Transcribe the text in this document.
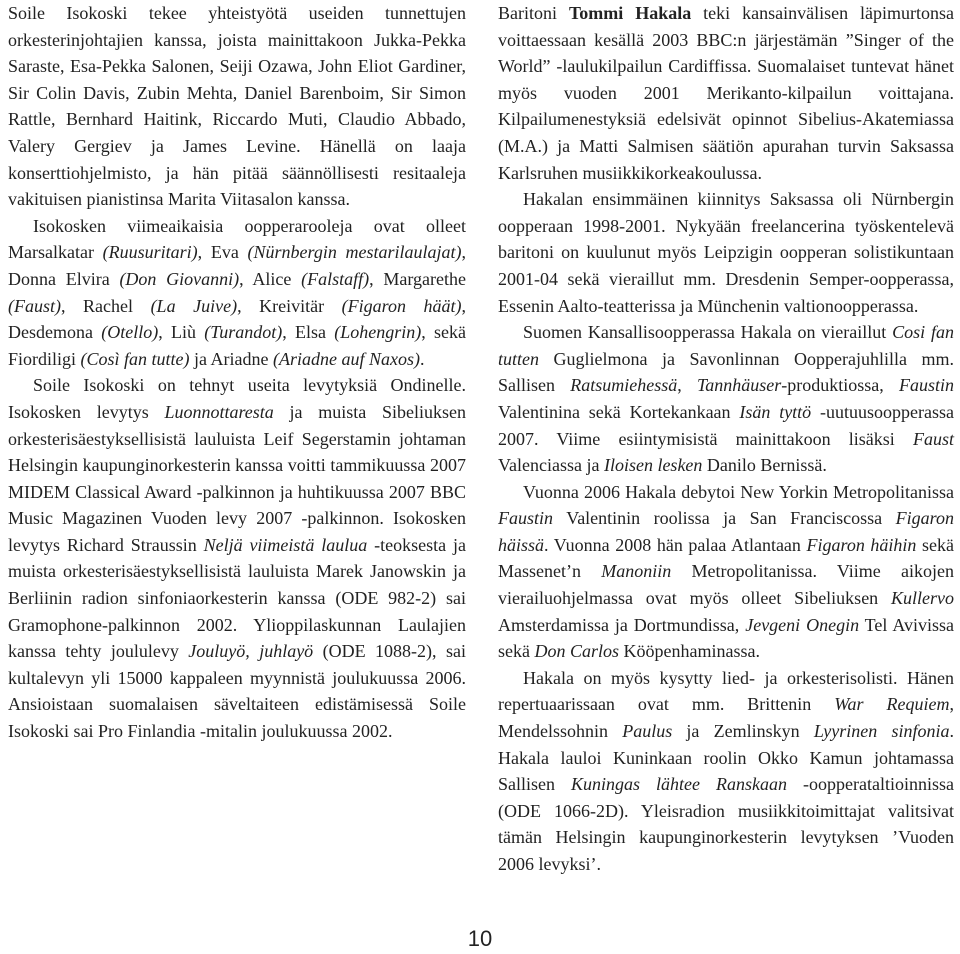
Soile Isokoski tekee yhteistyötä useiden tunnettujen orkesterinjohtajien kanssa, joista mainittakoon Jukka-Pekka Saraste, Esa-Pekka Salonen, Seiji Ozawa, John Eliot Gardiner, Sir Colin Davis, Zubin Mehta, Daniel Barenboim, Sir Simon Rattle, Bernhard Haitink, Riccardo Muti, Claudio Abbado, Valery Gergiev ja James Levine. Hänellä on laaja konserttiohjelmisto, ja hän pitää säännöllisesti resitaaleja vakituisen pianistinsa Marita Viitasalon kanssa.

Isokosken viimeaikaisia oopperarooleja ovat olleet Marsalkatar (Ruusuritari), Eva (Nürnbergin mestarilaulajat), Donna Elvira (Don Giovanni), Alice (Falstaff), Margarethe (Faust), Rachel (La Juive), Kreivitär (Figaron häät), Desdemona (Otello), Liù (Turandot), Elsa (Lohengrin), sekä Fiordiligi (Così fan tutte) ja Ariadne (Ariadne auf Naxos).

Soile Isokoski on tehnyt useita levytyksiä Ondinelle. Isokosken levytys Luonnottaresta ja muista Sibeliuksen orkesterisäestyksellisistä lauluista Leif Segerstamin johtaman Helsingin kaupunginorkesterin kanssa voitti tammikuussa 2007 MIDEM Classical Award -palkinnon ja huhtikuussa 2007 BBC Music Magazinen Vuoden levy 2007 -palkinnon. Isokosken levytys Richard Straussin Neljä viimeistä laulua -teoksesta ja muista orkesterisäestyksellisistä lauluista Marek Janowskin ja Berliinin radion sinfoniaorkesterin kanssa (ODE 982-2) sai Gramophone-palkinnon 2002. Ylioppilaskunnan Laulajien kanssa tehty joululevy Jouluyö, juhlayö (ODE 1088-2), sai kultalevyn yli 15000 kappaleen myynnistä joulukuussa 2006. Ansioistaan suomalaisen säveltaiteen edistämisessä Soile Isokoski sai Pro Finlandia -mitalin joulukuussa 2002.

Baritoni Tommi Hakala teki kansainvälisen läpimurtonsa voittaessaan kesällä 2003 BBC:n järjestämän ”Singer of the World” -laulukilpailun Cardiffissa. Suomalaiset tuntevat hänet myös vuoden 2001 Merikanto-kilpailun voittajana. Kilpailumenestyksiä edelsivät opinnot Sibelius-Akatemiassa (M.A.) ja Matti Salmisen säätiön apurahan turvin Saksassa Karlsruhen musiikkikorkeakoulussa.

Hakalan ensimmäinen kiinnitys Saksassa oli Nürnbergin oopperaan 1998-2001. Nykyään freelancerina työskentelevä baritoni on kuulunut myös Leipzigin oopperan solistikuntaan 2001-04 sekä vieraillut mm. Dresdenin Semper-oopperassa, Essenin Aalto-teatterissa ja Münchenin valtionoopperassa.

Suomen Kansallisoopperassa Hakala on vieraillut Cosi fan tutten Guglielmona ja Savonlinnan Oopperajuhlilla mm. Sallisen Ratsumiehessä, Tannhäuser-produktiossa, Faustin Valentinina sekä Kortekankaan Isän tyttö -uutuusoopperassa 2007. Viime esiintymisistä mainittakoon lisäksi Faust Valenciassa ja Iloisen lesken Danilo Bernissä.

Vuonna 2006 Hakala debytoi New Yorkin Metropolitanissa Faustin Valentinin roolissa ja San Franciscossa Figaron häissä. Vuonna 2008 hän palaa Atlantaan Figaron häihin sekä Massenet’n Manoniin Metropolitanissa. Viime aikojen vierailuohjelmassa ovat myös olleet Sibeliuksen Kullervo Amsterdamissa ja Dortmundissa, Jevgeni Onegin Tel Avivissa sekä Don Carlos Kööpenhaminassa.

Hakala on myös kysytty lied- ja orkesterisolisti. Hänen repertuaarissaan ovat mm. Brittenin War Requiem, Mendelssohnin Paulus ja Zemlinskyn Lyyrinen sinfonia. Hakala lauloi Kuninkaan roolin Okko Kamun johtamassa Sallisen Kuningas lähtee Ranskaan -oopperataltioinnissa (ODE 1066-2D). Yleisradion musiikkitoimittajat valitsivat tämän Helsingin kaupunginorkesterin levytyksen ’Vuoden 2006 levyksi’.

10
